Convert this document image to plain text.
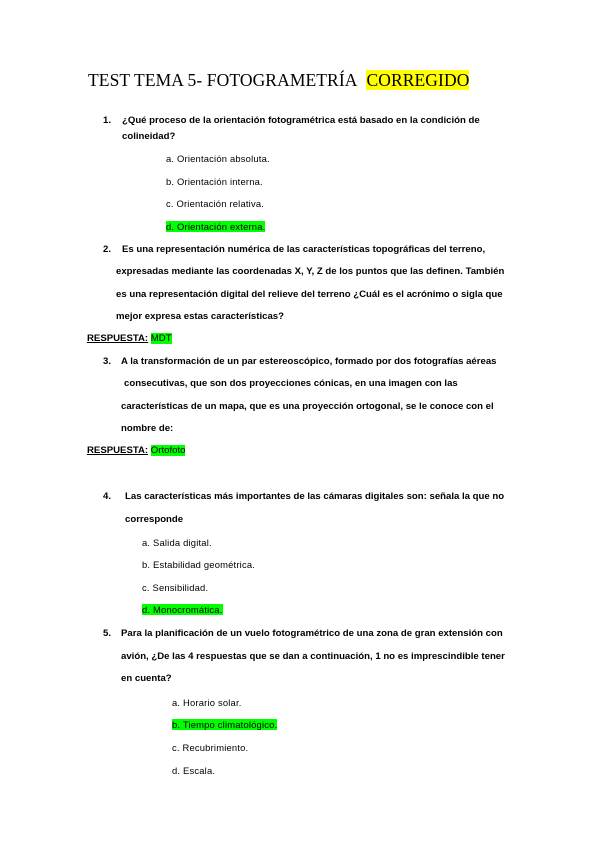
TEST TEMA 5- FOTOGRAMETRÍA CORREGIDO
1. ¿Qué proceso de la orientación fotogramétrica está basado en la condición de
colineidad?
a. Orientación absoluta.
b. Orientación interna.
c. Orientación relativa.
d. Orientación externa.
2. Es una representación numérica de las características topográficas del terreno,
expresadas mediante las coordenadas X, Y, Z de los puntos que las definen. También
es una representación digital del relieve del terreno ¿Cuál es el acrónimo o sigla que
mejor expresa estas características?
RESPUESTA: MDT
3. A la transformación de un par estereoscópico, formado por dos fotografías aéreas
consecutivas, que son dos proyecciones cónicas, en una imagen con las
características de un mapa, que es una proyección ortogonal, se le conoce con el
nombre de:
RESPUESTA: Ortofoto
4. Las características más importantes de las cámaras digitales son: señala la que no
corresponde
a. Salida digital.
b. Estabilidad geométrica.
c. Sensibilidad.
d. Monocromática.
5. Para la planificación de un vuelo fotogramétrico de una zona de gran extensión con
avión, ¿De las 4 respuestas que se dan a continuación, 1 no es imprescindible tener
en cuenta?
a. Horario solar.
b. Tiempo climatológico.
c. Recubrimiento.
d. Escala.
